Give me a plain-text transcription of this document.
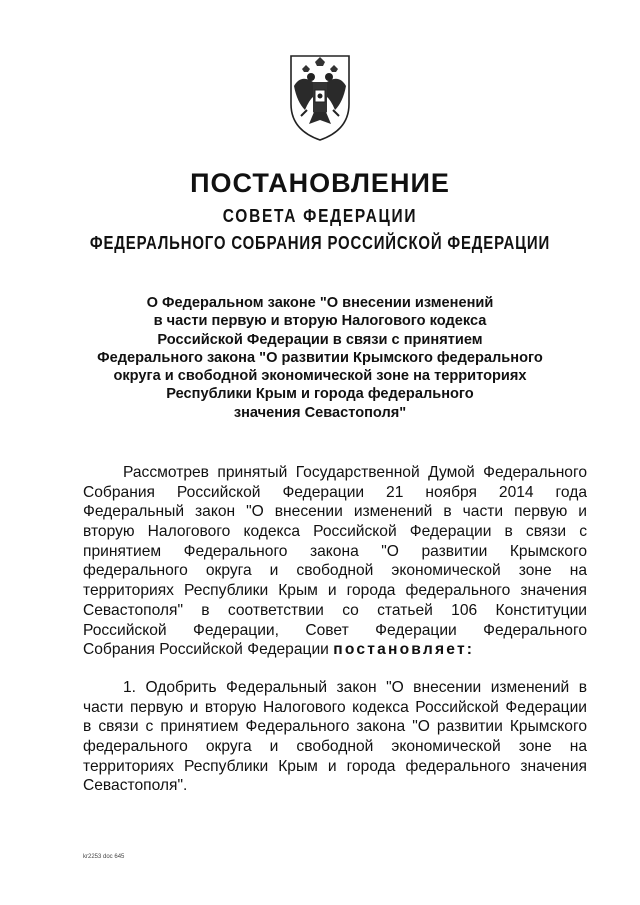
ПОСТАНОВЛЕНИЕ
СОВЕТА ФЕДЕРАЦИИ
ФЕДЕРАЛЬНОГО СОБРАНИЯ РОССИЙСКОЙ ФЕДЕРАЦИИ
О Федеральном законе "О внесении изменений
в части первую и вторую Налогового кодекса
Российской Федерации в связи с принятием
Федерального закона "О развитии Крымского федерального
округа и свободной экономической зоне на территориях
Республики Крым и города федерального
значения Севастополя"
Рассмотрев принятый Государственной Думой Федерального
Собрания Российской Федерации 21 ноября 2014 года
Федеральный закон "О внесении изменений в части первую и
вторую Налогового кодекса Российской Федерации в связи с
принятием Федерального закона "О развитии Крымского
федерального округа и свободной экономической зоне на
территориях Республики Крым и города федерального значения
Севастополя" в соответствии со статьей 106 Конституции
Российской Федерации, Совет Федерации Федерального
Собрания Российской Федерации постановляет:
1. Одобрить Федеральный закон "О внесении изменений в
части первую и вторую Налогового кодекса Российской Федерации
в связи с принятием Федерального закона "О развитии Крымского
федерального округа и свободной экономической зоне на
территориях Республики Крым и города федерального значения
Севастополя".
kr2253 doc 645
